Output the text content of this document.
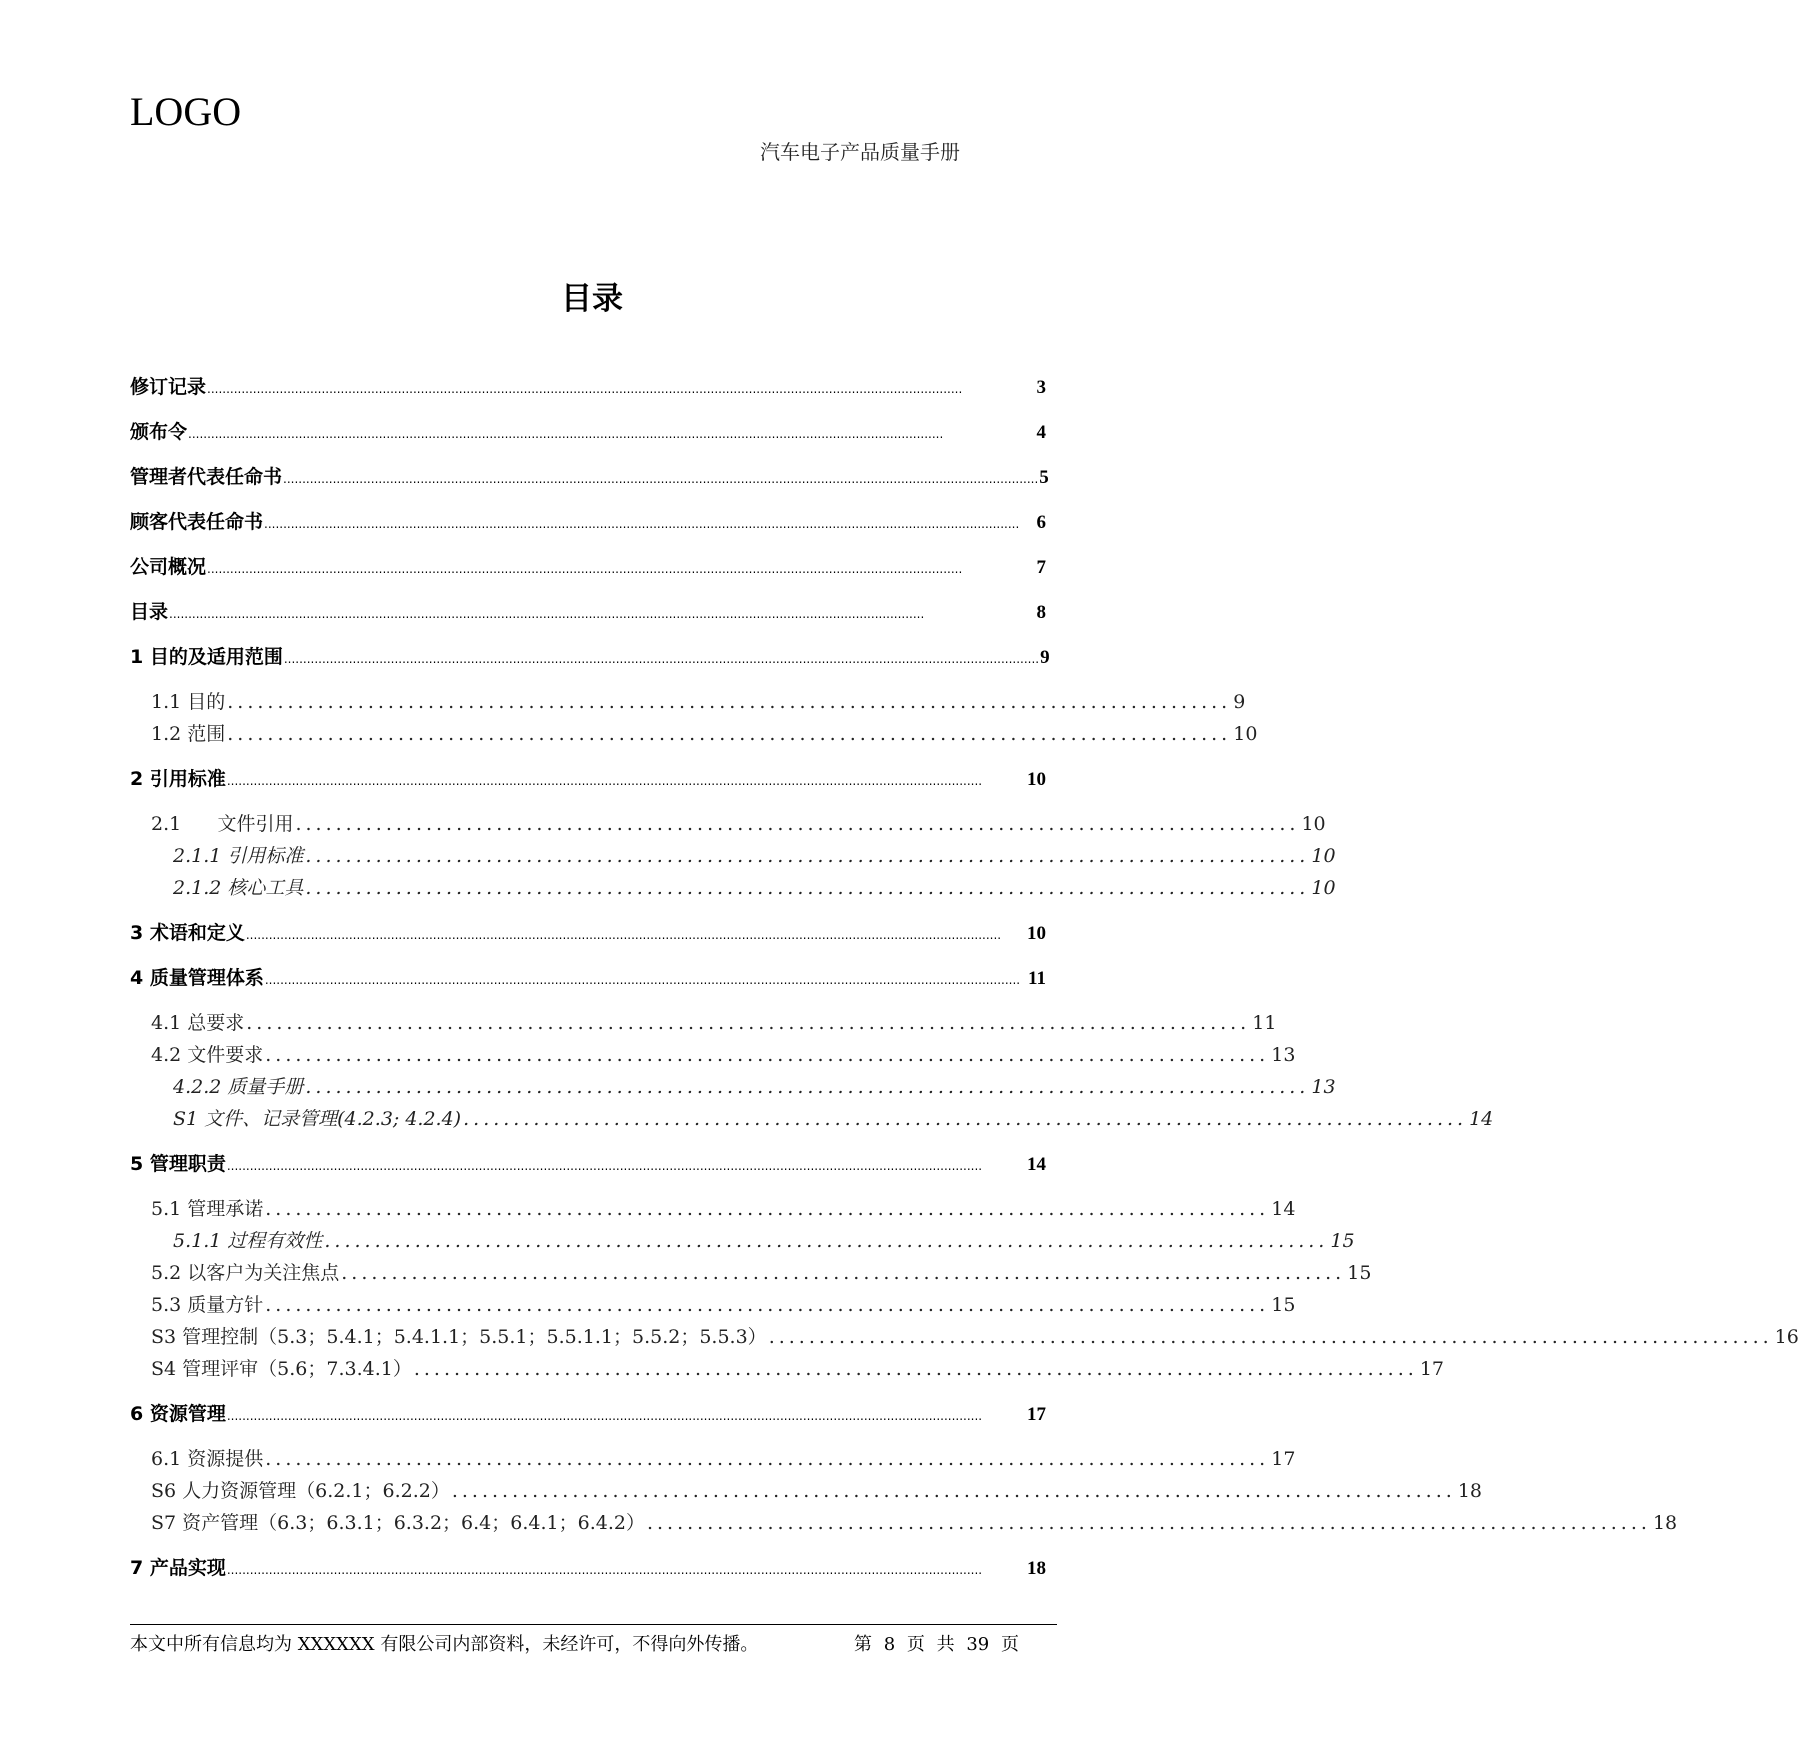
LOGO
汽车电子产品质量手册
目录
修订记录 ......................................................................................................................................................................................................	3
颁布令 ......................................................................................................................................................................................................	4
管理者代表任命书 ...................................................................................................................................................................................................... 5
顾客代表任命书 ...................................................................................................................................................................................................... 6
公司概况 ......................................................................................................................................................................................................	7
目录 ......................................................................................................................................................................................................	8
1 目的及适用范围 ...................................................................................................................................................................................................... 9
1.1 目的 .................................................................................................... 9
1.2 范围 .................................................................................................... 10
2 引用标准 ......................................................................................................................................................................................................	10
2.1      文件引用 .................................................................................................... 10
2.1.1 引用标准 .................................................................................................... 10
2.1.2 核心工具 .................................................................................................... 10
3 术语和定义 ......................................................................................................................................................................................................	10
4 质量管理体系 ...................................................................................................................................................................................................... 11
4.1 总要求 .................................................................................................... 11
4.2 文件要求 .................................................................................................... 13
4.2.2 质量手册 .................................................................................................... 13
S1 文件、记录管理(4.2.3; 4.2.4) .................................................................................................... 14
5 管理职责 ......................................................................................................................................................................................................	14
5.1 管理承诺 .................................................................................................... 14
5.1.1 过程有效性 .................................................................................................... 15
5.2 以客户为关注焦点 .................................................................................................... 15
5.3 质量方针 .................................................................................................... 15
S3 管理控制（5.3；5.4.1；5.4.1.1；5.5.1；5.5.1.1；5.5.2；5.5.3） .................................................................................................... 16
S4 管理评审（5.6；7.3.4.1） .................................................................................................... 17
6 资源管理 ......................................................................................................................................................................................................	17
6.1 资源提供 .................................................................................................... 17
S6 人力资源管理（6.2.1；6.2.2） .................................................................................................... 18
S7 资产管理（6.3；6.3.1；6.3.2；6.4；6.4.1；6.4.2） .................................................................................................... 18
7 产品实现 ......................................................................................................................................................................................................	18
本文中所有信息均为 XXXXXX 有限公司内部资料，未经许可，不得向外传播。	第 8 页 共 39 页
